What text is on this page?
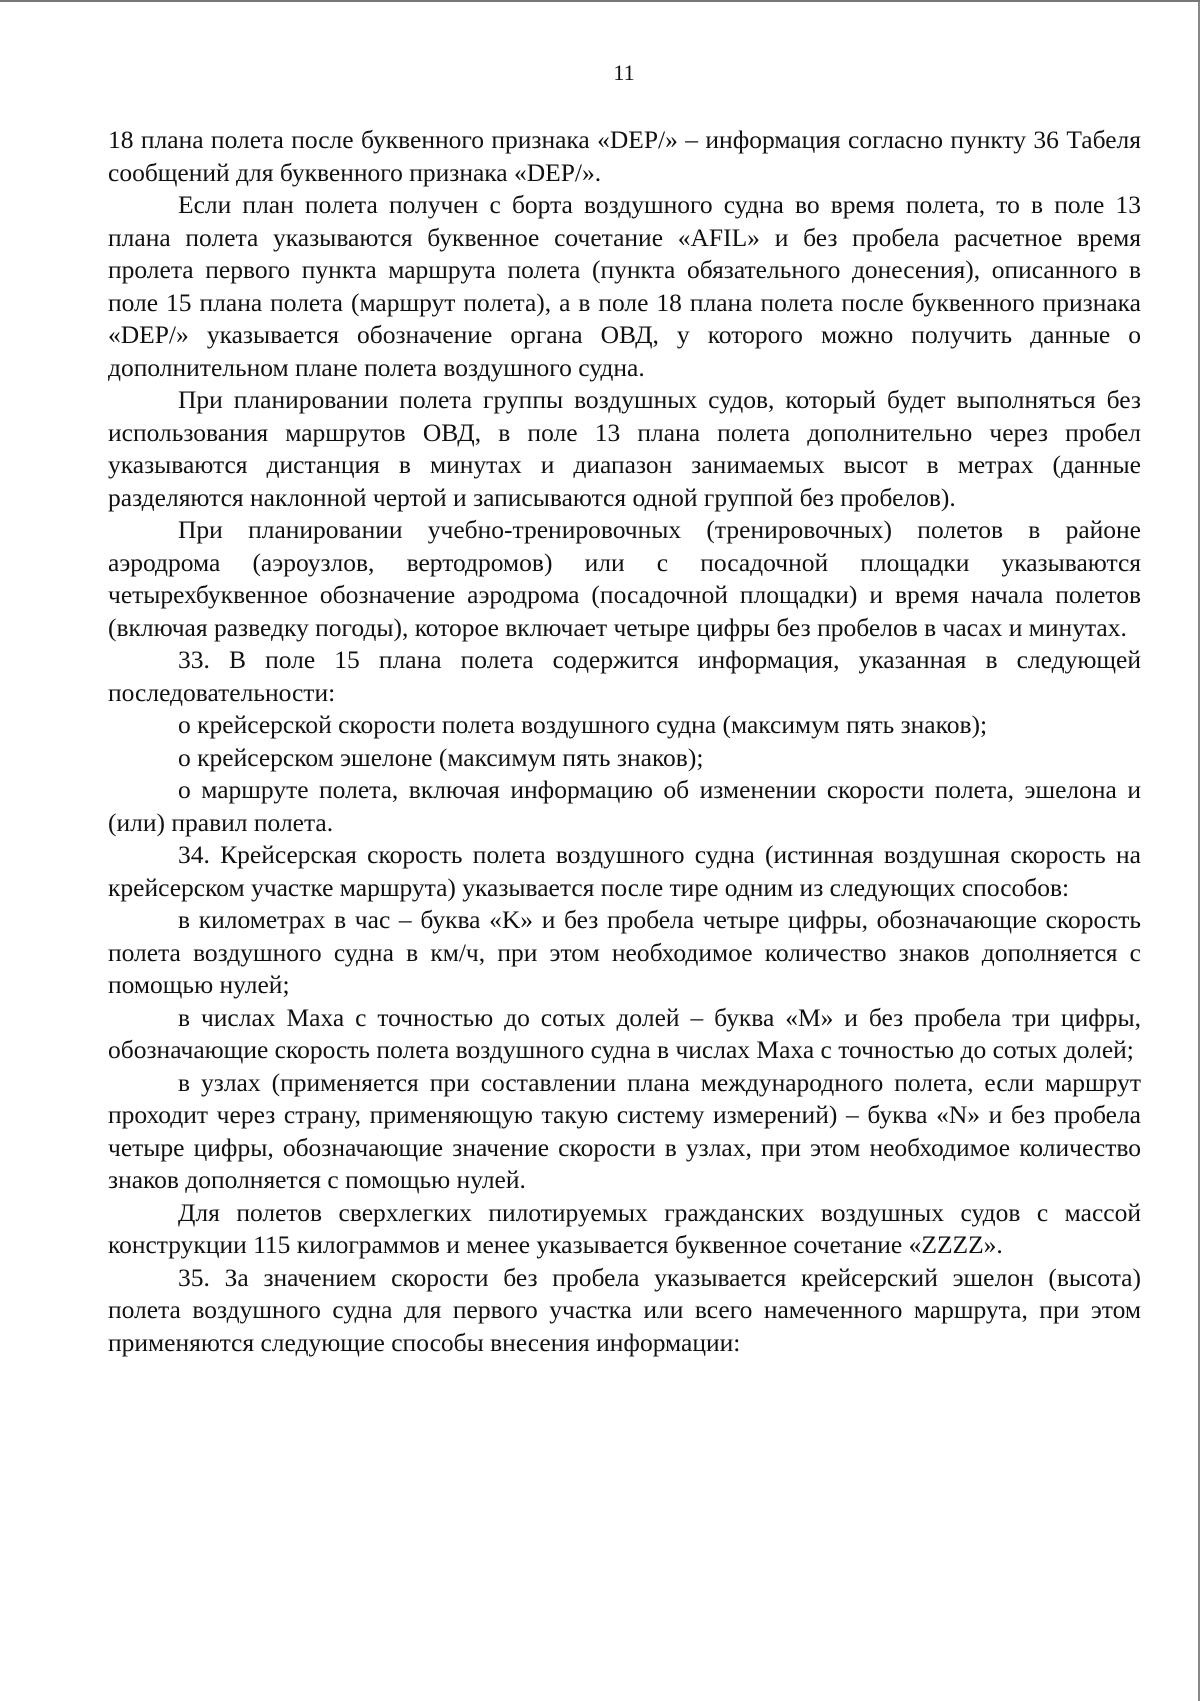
11

18 плана полета после буквенного признака «DEP/» – информация согласно пункту 36 Табеля сообщений для буквенного признака «DEP/».

Если план полета получен с борта воздушного судна во время полета, то в поле 13 плана полета указываются буквенное сочетание «AFIL» и без пробела расчетное время пролета первого пункта маршрута полета (пункта обязательного донесения), описанного в поле 15 плана полета (маршрут полета), а в поле 18 плана полета после буквенного признака «DEP/» указывается обозначение органа ОВД, у которого можно получить данные о дополнительном плане полета воздушного судна.

При планировании полета группы воздушных судов, который будет выполняться без использования маршрутов ОВД, в поле 13 плана полета дополнительно через пробел указываются дистанция в минутах и диапазон занимаемых высот в метрах (данные разделяются наклонной чертой и записываются одной группой без пробелов).

При планировании учебно-тренировочных (тренировочных) полетов в районе аэродрома (аэроузлов, вертодромов) или с посадочной площадки указываются четырехбуквенное обозначение аэродрома (посадочной площадки) и время начала полетов (включая разведку погоды), которое включает четыре цифры без пробелов в часах и минутах.

33. В поле 15 плана полета содержится информация, указанная в следующей последовательности:

о крейсерской скорости полета воздушного судна (максимум пять знаков);

о крейсерском эшелоне (максимум пять знаков);

о маршруте полета, включая информацию об изменении скорости полета, эшелона и (или) правил полета.

34. Крейсерская скорость полета воздушного судна (истинная воздушная скорость на крейсерском участке маршрута) указывается после тире одним из следующих способов:

в километрах в час – буква «K» и без пробела четыре цифры, обозначающие скорость полета воздушного судна в км/ч, при этом необходимое количество знаков дополняется с помощью нулей;

в числах Маха с точностью до сотых долей – буква «M» и без пробела три цифры, обозначающие скорость полета воздушного судна в числах Маха с точностью до сотых долей;

в узлах (применяется при составлении плана международного полета, если маршрут проходит через страну, применяющую такую систему измерений) – буква «N» и без пробела четыре цифры, обозначающие значение скорости в узлах, при этом необходимое количество знаков дополняется с помощью нулей.

Для полетов сверхлегких пилотируемых гражданских воздушных судов с массой конструкции 115 килограммов и менее указывается буквенное сочетание «ZZZZ».

35. За значением скорости без пробела указывается крейсерский эшелон (высота) полета воздушного судна для первого участка или всего намеченного маршрута, при этом применяются следующие способы внесения информации:
